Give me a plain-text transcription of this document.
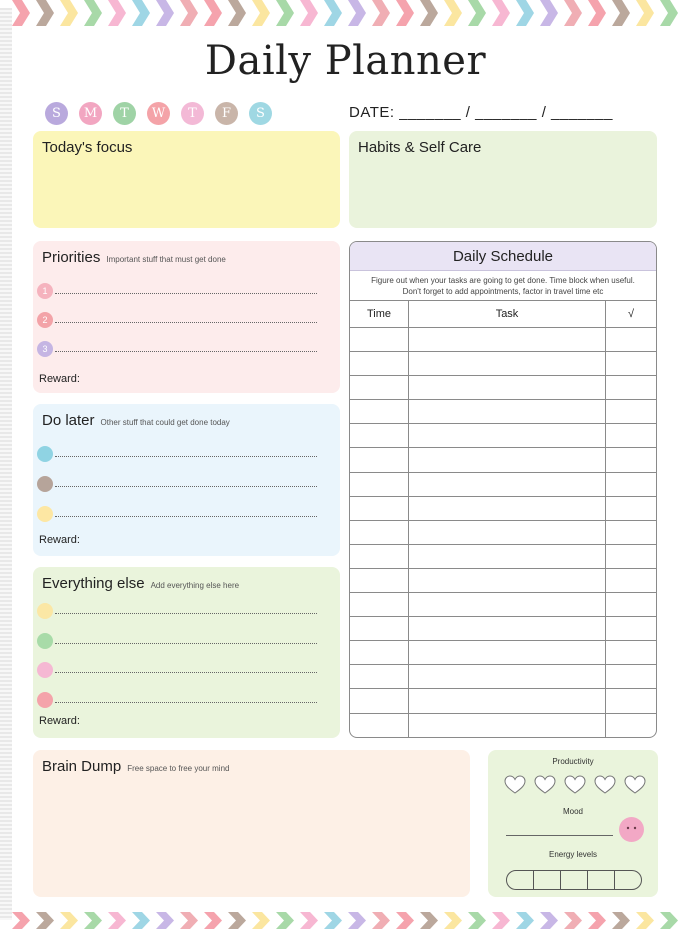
Daily Planner
S	M	T	W	T	F	S	DATE: _______ / _______ / _______
Today's focus	Habits & Self Care
Priorities Important stuff that must get done
Reward:
1
2
3
Do later Other stuff that could get done today
Reward:
Everything else Add everything else here
Reward:
Daily Schedule
Figure out when your tasks are going to get done. Time block when useful.
Don't forget to add appointments, factor in travel time etc
Time	Task	√
Brain Dump Free space to free your mind
Productivity
Mood
Energy levels
